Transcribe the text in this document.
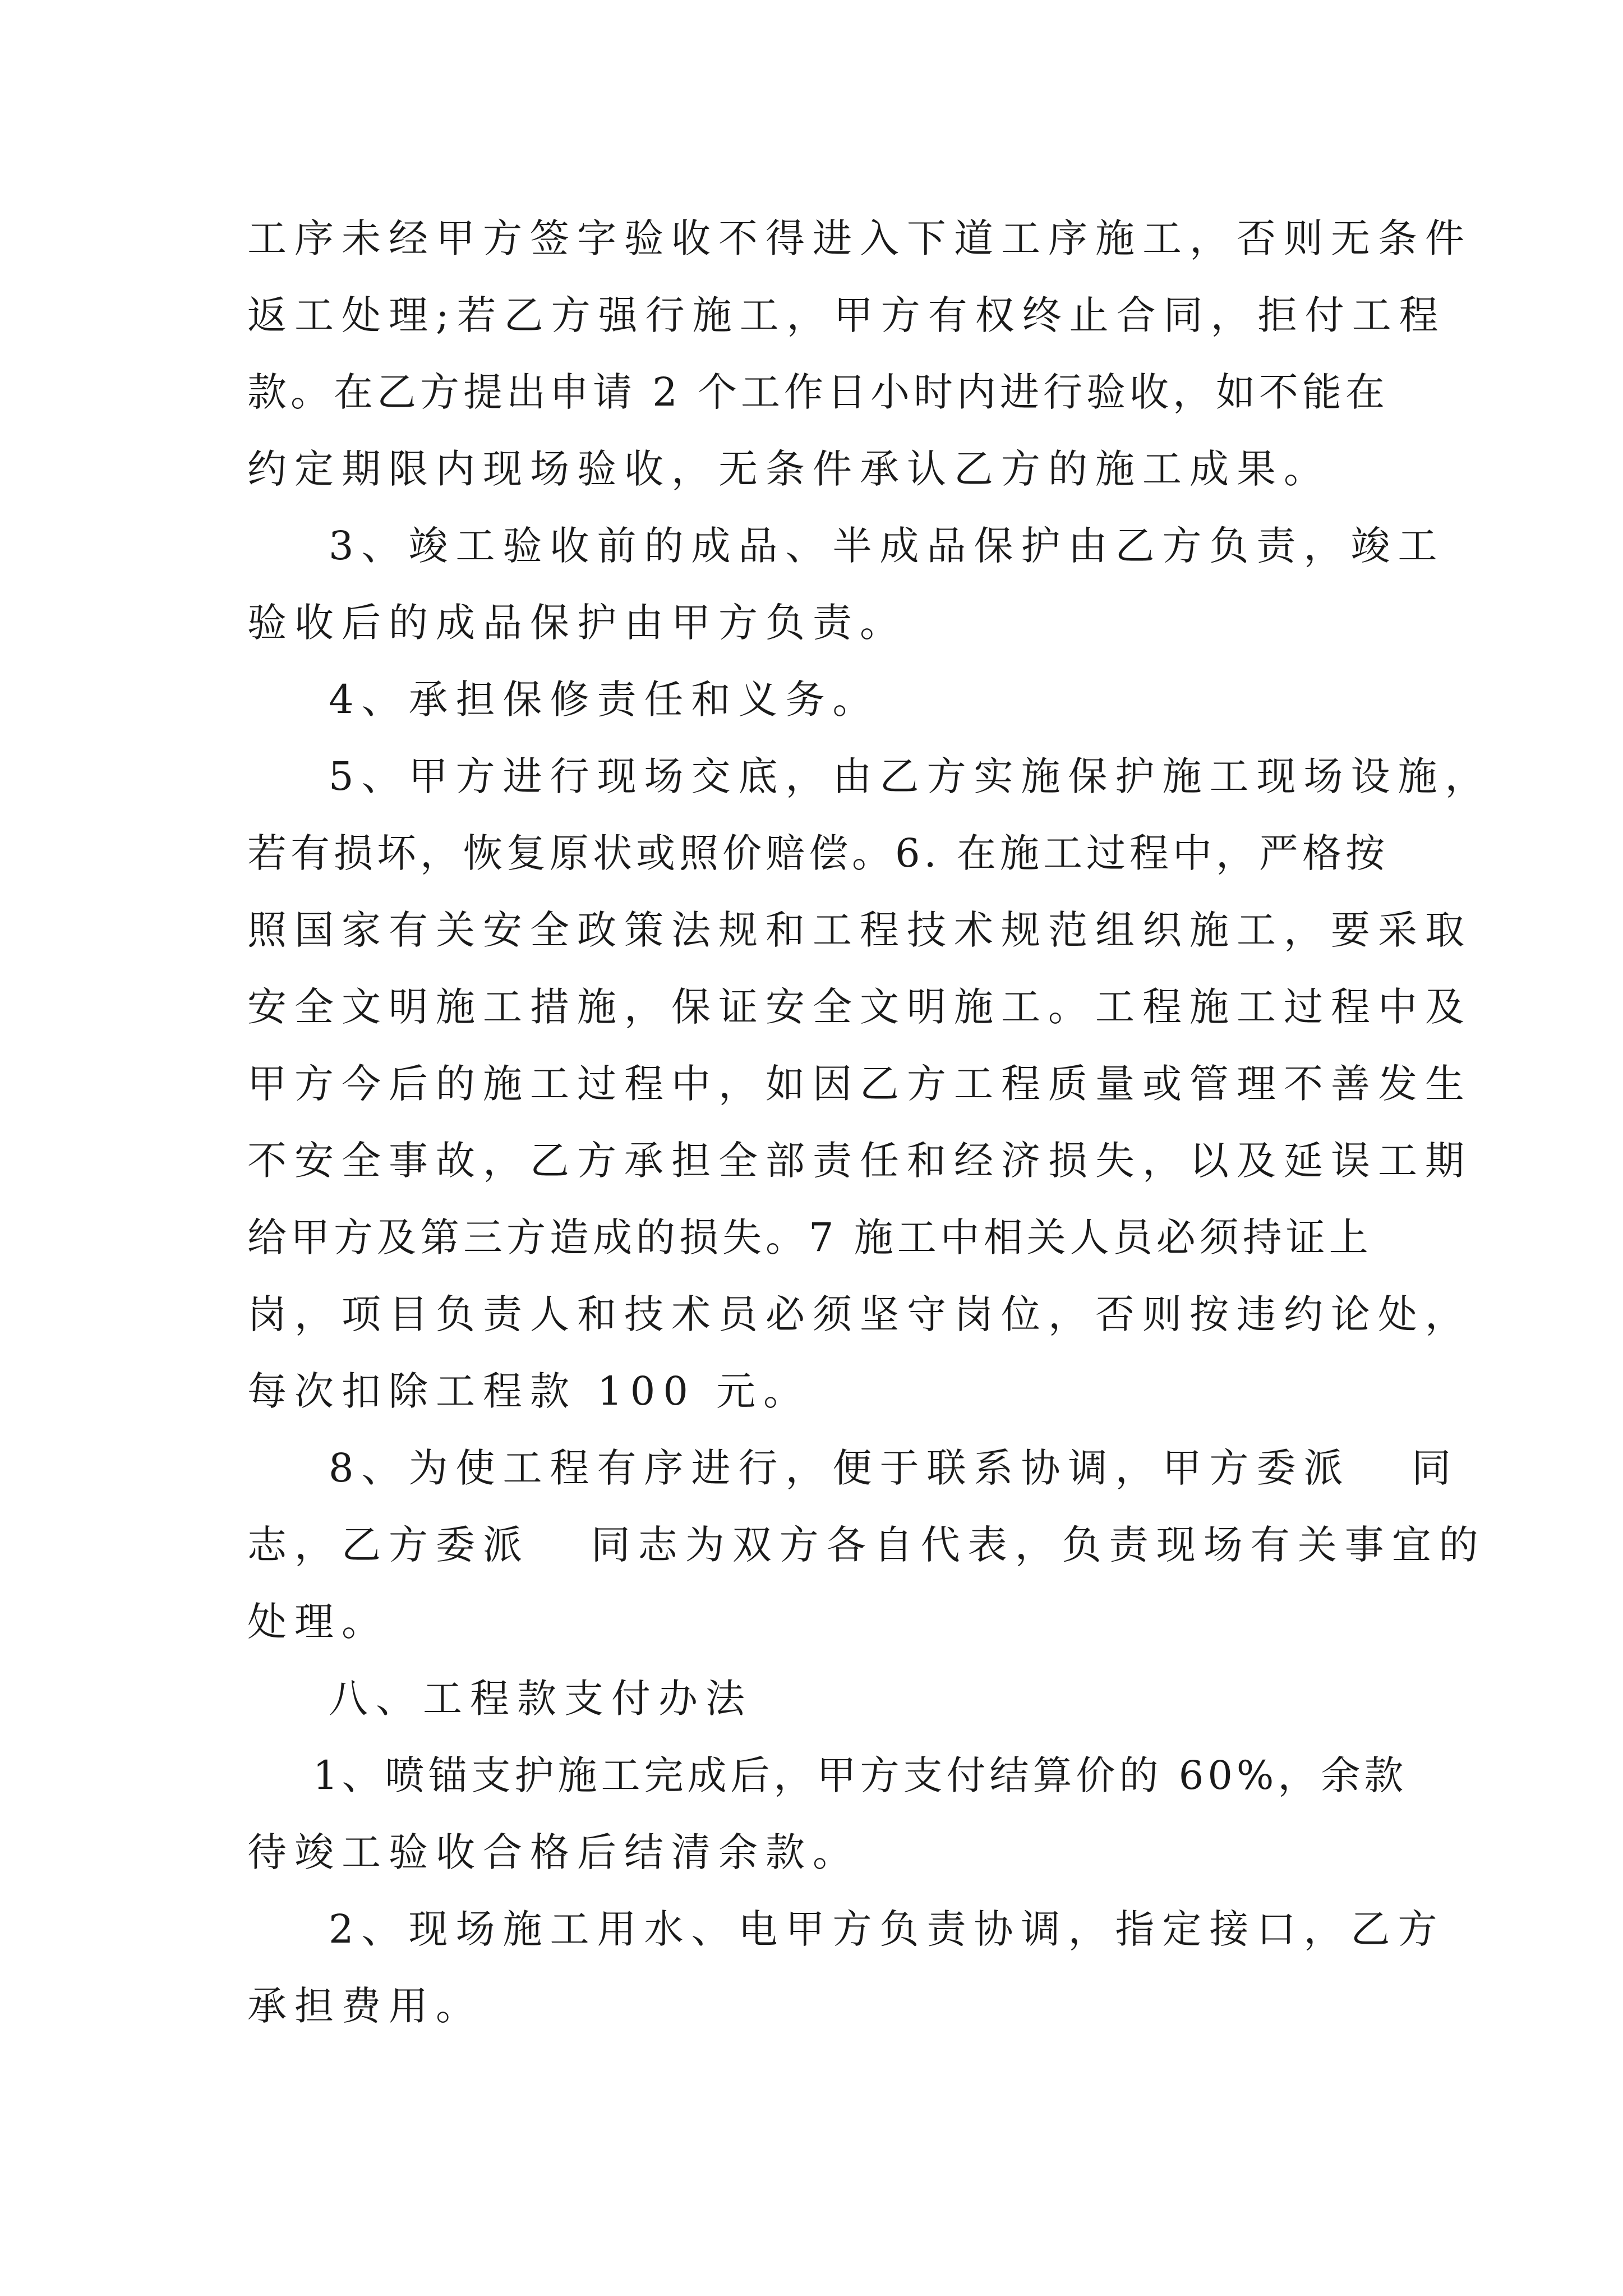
工序未经甲方签字验收不得进入下道工序施工，否则无条件
返工处理;若乙方强行施工，甲方有权终止合同，拒付工程
款。在乙方提出申请 2 个工作日小时内进行验收，如不能在
约定期限内现场验收，无条件承认乙方的施工成果。
3、竣工验收前的成品、半成品保护由乙方负责，竣工
验收后的成品保护由甲方负责。
4、承担保修责任和义务。
5、甲方进行现场交底，由乙方实施保护施工现场设施，
若有损坏，恢复原状或照价赔偿。6. 在施工过程中，严格按
照国家有关安全政策法规和工程技术规范组织施工，要采取
安全文明施工措施，保证安全文明施工。工程施工过程中及
甲方今后的施工过程中，如因乙方工程质量或管理不善发生
不安全事故，乙方承担全部责任和经济损失，以及延误工期
给甲方及第三方造成的损失。7 施工中相关人员必须持证上
岗，项目负责人和技术员必须坚守岗位，否则按违约论处，
每次扣除工程款 100 元。
8、为使工程有序进行，便于联系协调，甲方委派   同
志，乙方委派   同志为双方各自代表，负责现场有关事宜的
处理。
八、工程款支付办法
1、喷锚支护施工完成后，甲方支付结算价的 60%，余款
待竣工验收合格后结清余款。
2、现场施工用水、电甲方负责协调，指定接口，乙方
承担费用。
